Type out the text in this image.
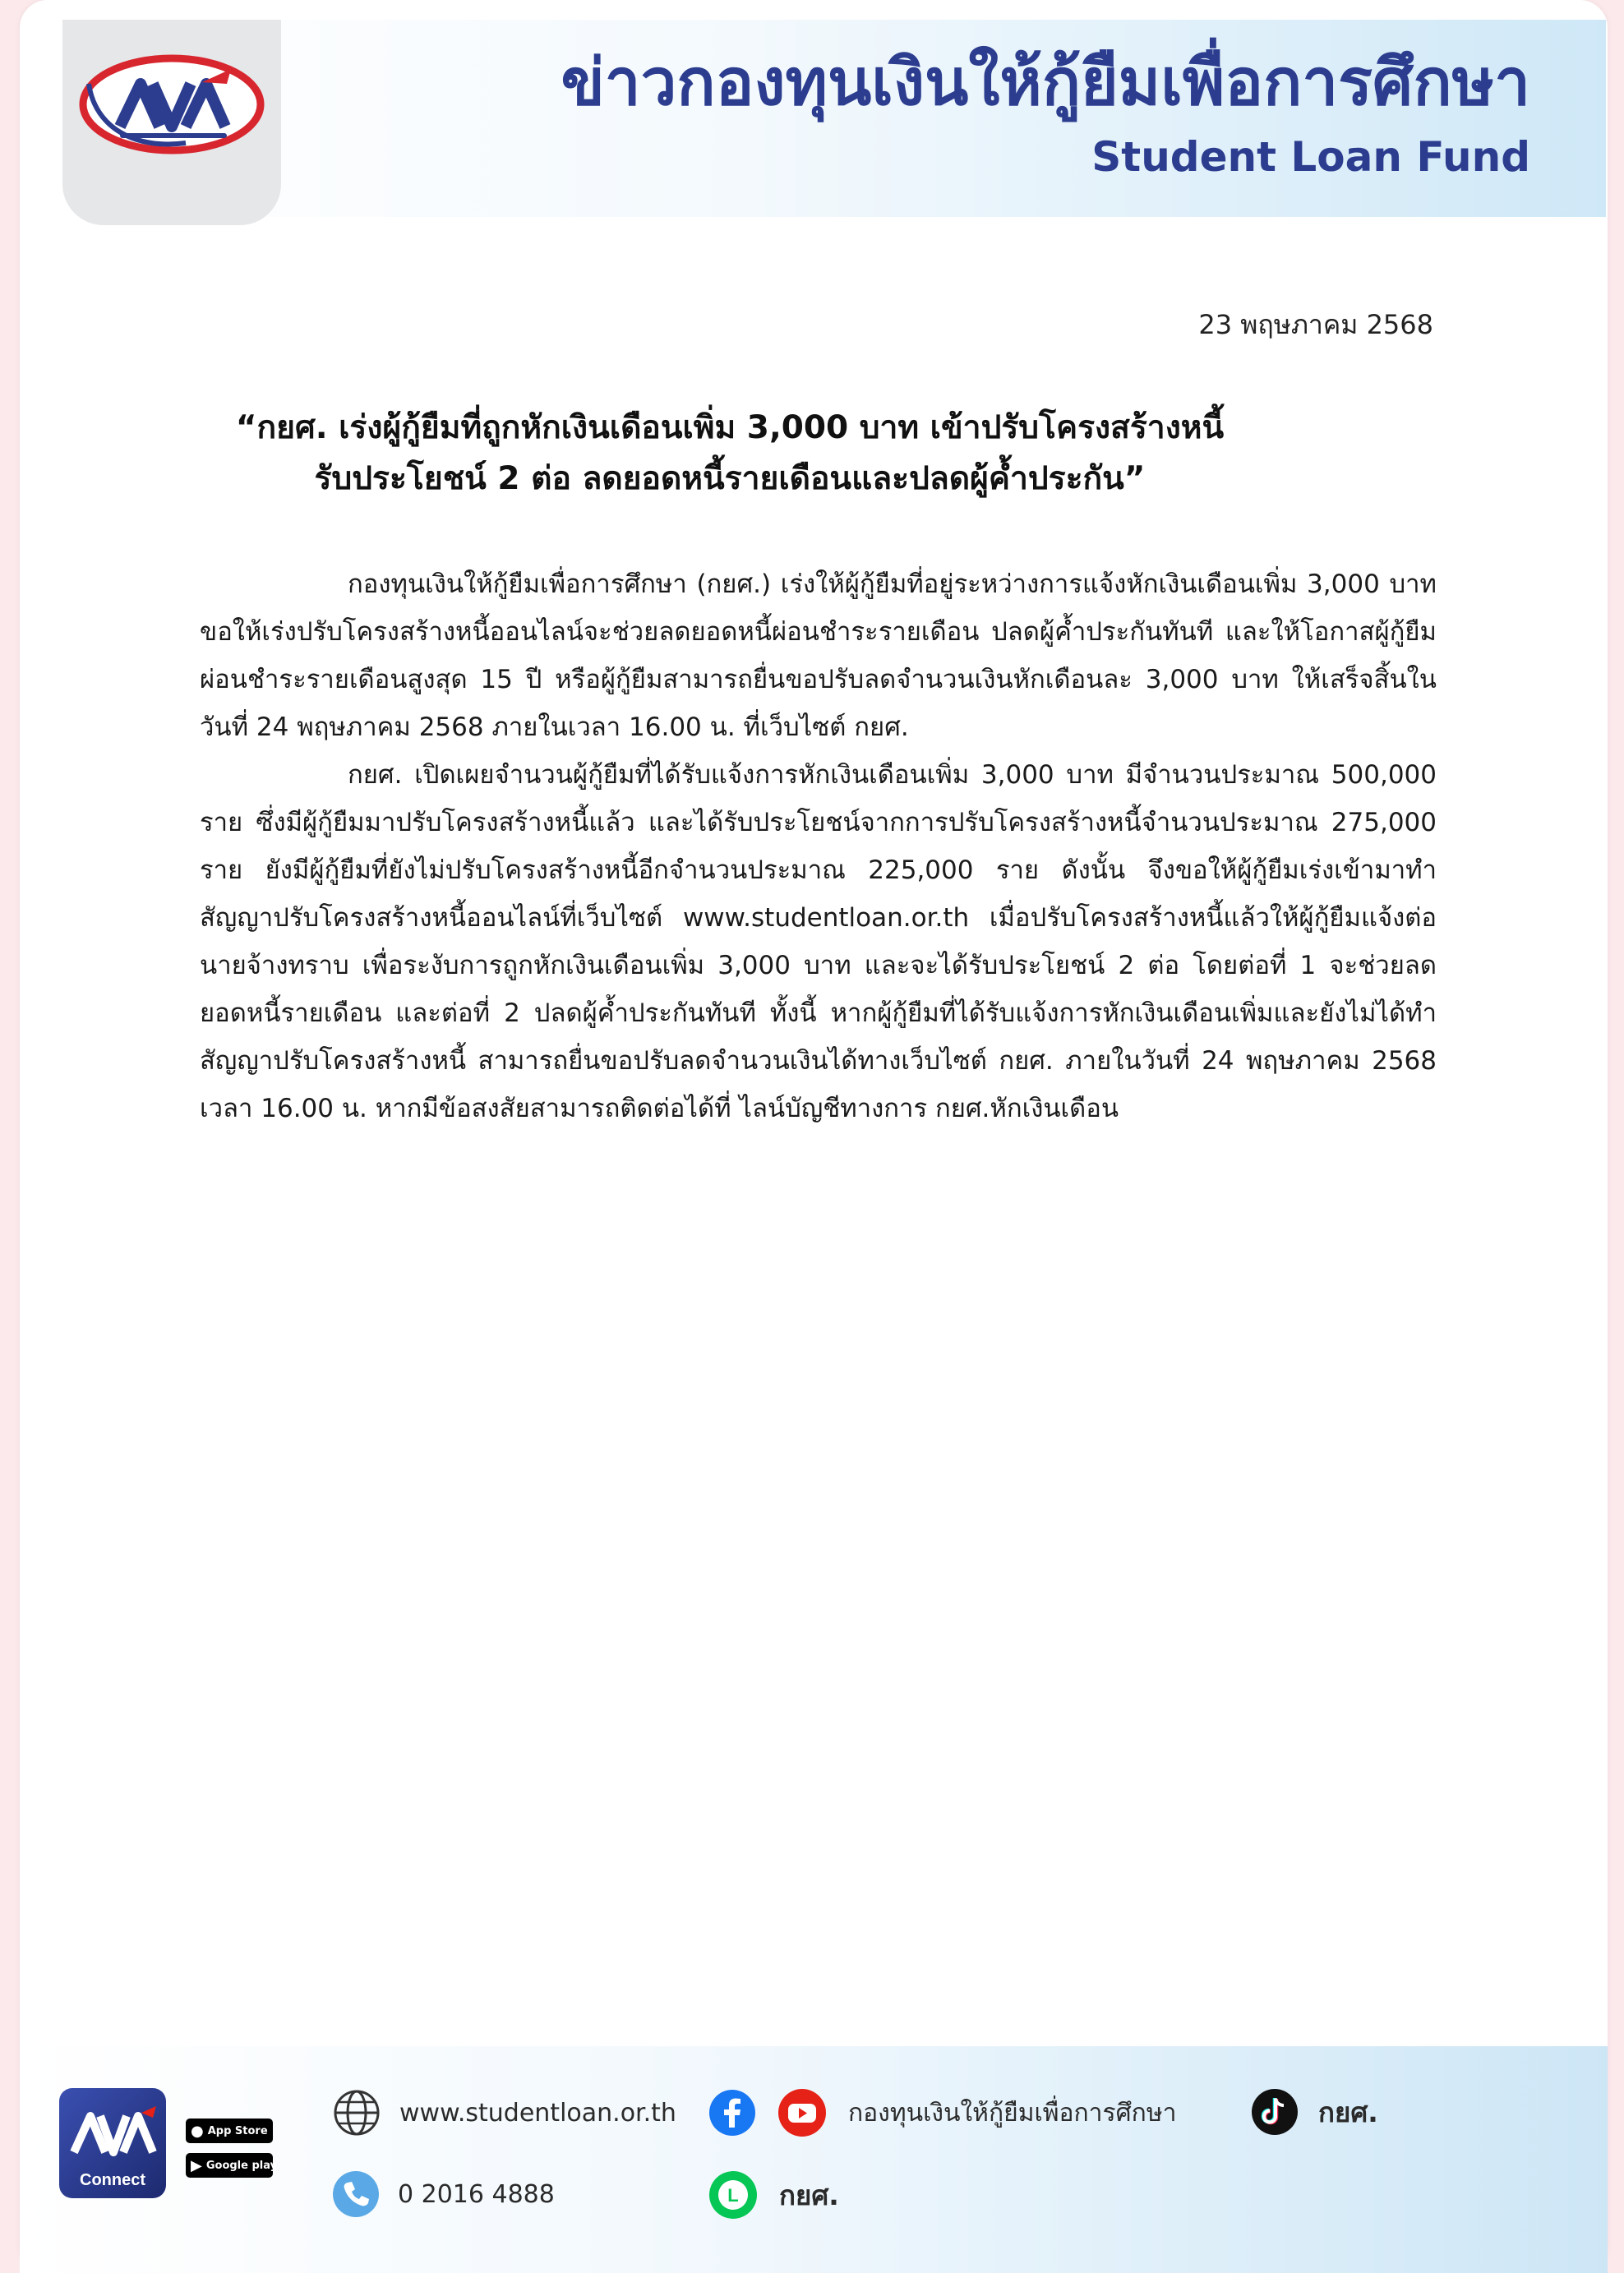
ข่าวกองทุนเงินให้กู้ยืมเพื่อการศึกษา
Student Loan Fund
23 พฤษภาคม 2568
“กยศ. เร่งผู้กู้ยืมที่ถูกหักเงินเดือนเพิ่ม 3,000 บาท เข้าปรับโครงสร้างหนี้
รับประโยชน์ 2 ต่อ ลดยอดหนี้รายเดือนและปลดผู้ค้ำประกัน”

กองทุนเงินให้กู้ยืมเพื่อการศึกษา (กยศ.) เร่งให้ผู้กู้ยืมที่อยู่ระหว่างการแจ้งหักเงินเดือนเพิ่ม 3,000 บาท ขอให้เร่งปรับโครงสร้างหนี้ออนไลน์จะช่วยลดยอดหนี้ผ่อนชำระรายเดือน ปลดผู้ค้ำประกันทันที และให้โอกาสผู้กู้ยืมผ่อนชำระรายเดือนสูงสุด 15 ปี หรือผู้กู้ยืมสามารถยื่นขอปรับลดจำนวนเงินหักเดือนละ 3,000 บาท ให้เสร็จสิ้นในวันที่ 24 พฤษภาคม 2568 ภายในเวลา 16.00 น. ที่เว็บไซต์ กยศ.

กยศ. เปิดเผยจำนวนผู้กู้ยืมที่ได้รับแจ้งการหักเงินเดือนเพิ่ม 3,000 บาท มีจำนวนประมาณ 500,000 ราย ซึ่งมีผู้กู้ยืมมาปรับโครงสร้างหนี้แล้ว และได้รับประโยชน์จากการปรับโครงสร้างหนี้จำนวนประมาณ 275,000 ราย ยังมีผู้กู้ยืมที่ยังไม่ปรับโครงสร้างหนี้อีกจำนวนประมาณ 225,000 ราย ดังนั้น จึงขอให้ผู้กู้ยืมเร่งเข้ามาทำสัญญาปรับโครงสร้างหนี้ออนไลน์ที่เว็บไซต์ www.studentloan.or.th เมื่อปรับโครงสร้างหนี้แล้วให้ผู้กู้ยืมแจ้งต่อนายจ้างทราบ เพื่อระงับการถูกหักเงินเดือนเพิ่ม 3,000 บาท และจะได้รับประโยชน์ 2 ต่อ โดยต่อที่ 1 จะช่วยลดยอดหนี้รายเดือน และต่อที่ 2 ปลดผู้ค้ำประกันทันที ทั้งนี้ หากผู้กู้ยืมที่ได้รับแจ้งการหักเงินเดือนเพิ่มและยังไม่ได้ทำสัญญาปรับโครงสร้างหนี้ สามารถยื่นขอปรับลดจำนวนเงินได้ทางเว็บไซต์ กยศ. ภายในวันที่ 24 พฤษภาคม 2568 เวลา 16.00 น. หากมีข้อสงสัยสามารถติดต่อได้ที่ ไลน์บัญชีทางการ กยศ.หักเงินเดือน

Connect
● App Store
▶ Google play
www.studentloan.or.th	กองทุนเงินให้กู้ยืมเพื่อการศึกษา	กยศ.
0 2016 4888	L กยศ.
